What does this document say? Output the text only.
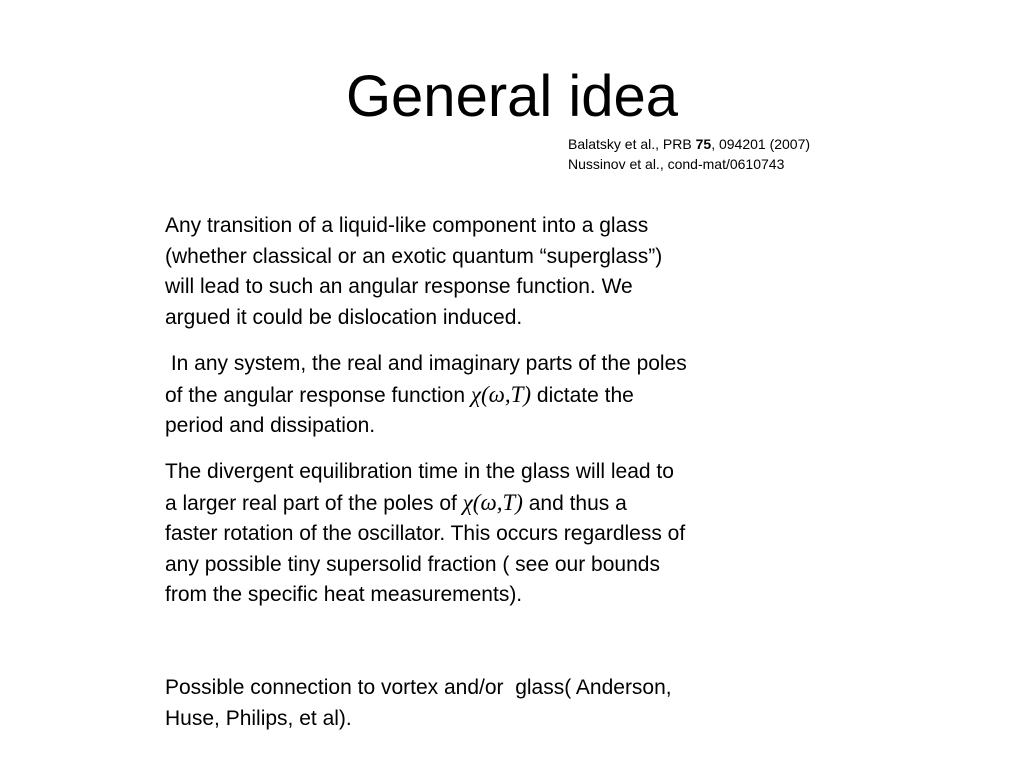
General idea
Balatsky et al., PRB 75, 094201 (2007)
Nussinov et al., cond-mat/0610743

Any transition of a liquid-like component into a glass
(whether classical or an exotic quantum “superglass”)
will lead to such an angular response function. We
argued it could be dislocation induced.

In any system, the real and imaginary parts of the poles
of the angular response function χ(ω,T) dictate the
period and dissipation.

The divergent equilibration time in the glass will lead to
a larger real part of the poles of χ(ω,T) and thus a
faster rotation of the oscillator. This occurs regardless of
any possible tiny supersolid fraction ( see our bounds
from the specific heat measurements).

Possible connection to vortex and/or  glass( Anderson,
Huse, Philips, et al).
